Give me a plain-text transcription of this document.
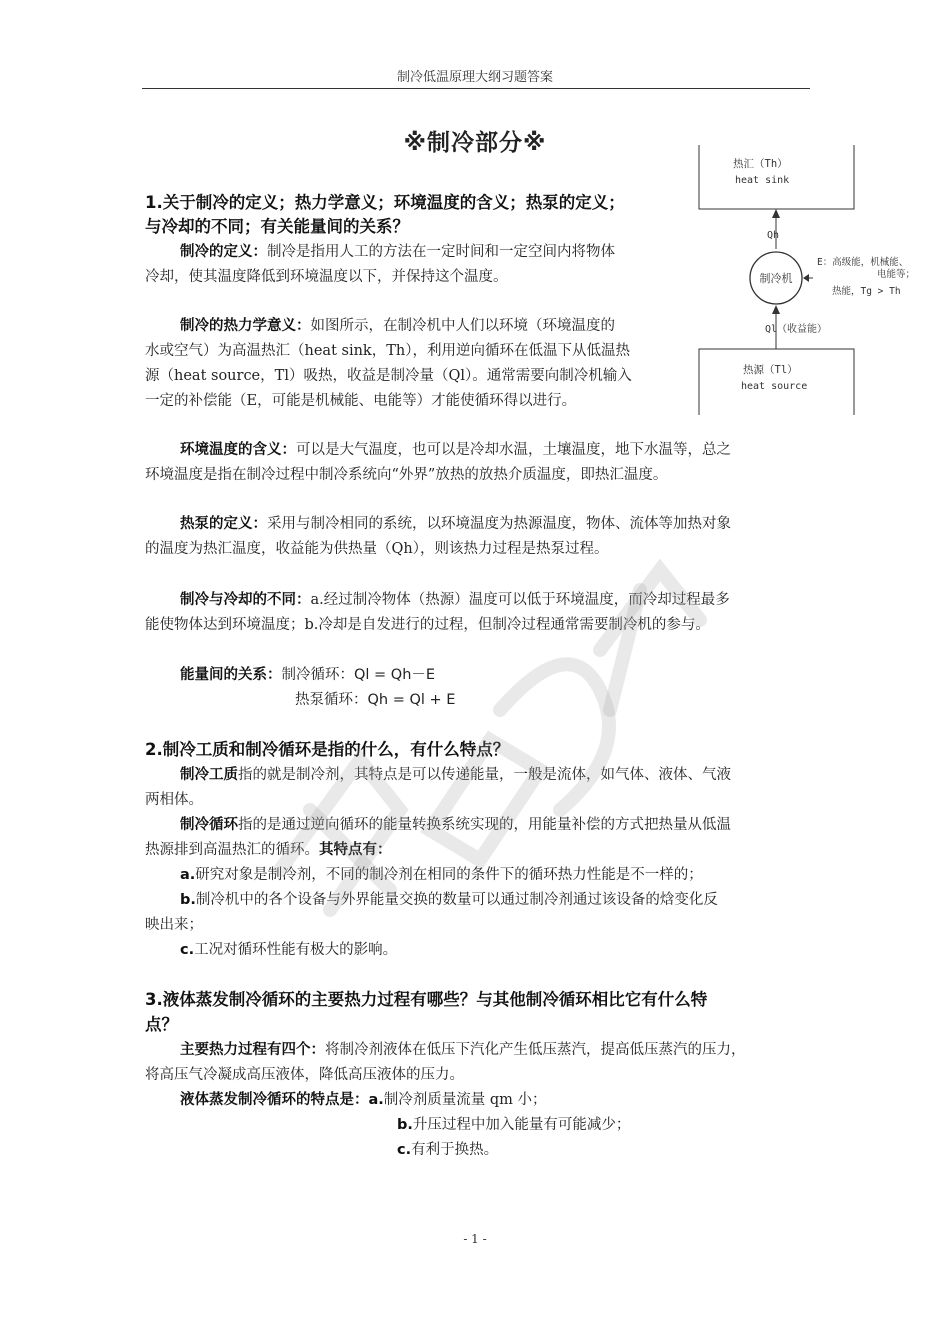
制冷低温原理大纲习题答案
※制冷部分※
热汇（Th）
heat sink
Qh
制冷机
E：高级能，机械能、
电能等；
热能，Tg > Th
Ql（收益能）
热源（Tl）
heat source
1.关于制冷的定义；热力学意义；环境温度的含义；热泵的定义；
与冷却的不同；有关能量间的关系？
制冷的定义：制冷是指用人工的方法在一定时间和一定空间内将物体
冷却，使其温度降低到环境温度以下，并保持这个温度。
制冷的热力学意义：如图所示，在制冷机中人们以环境（环境温度的
水或空气）为高温热汇（heat sink，Th），利用逆向循环在低温下从低温热
源（heat source，Tl）吸热，收益是制冷量（Ql）。通常需要向制冷机输入
一定的补偿能（E，可能是机械能、电能等）才能使循环得以进行。
环境温度的含义：可以是大气温度，也可以是冷却水温，土壤温度，地下水温等，总之
环境温度是指在制冷过程中制冷系统向“外界”放热的放热介质温度，即热汇温度。
热泵的定义：采用与制冷相同的系统，以环境温度为热源温度，物体、流体等加热对象
的温度为热汇温度，收益能为供热量（Qh），则该热力过程是热泵过程。
制冷与冷却的不同：a.经过制冷物体（热源）温度可以低于环境温度，而冷却过程最多
能使物体达到环境温度；b.冷却是自发进行的过程，但制冷过程通常需要制冷机的参与。
能量间的关系：制冷循环：Ql = Qh－E
热泵循环：Qh = Ql + E
2.制冷工质和制冷循环是指的什么，有什么特点？
制冷工质指的就是制冷剂，其特点是可以传递能量，一般是流体，如气体、液体、气液
两相体。
制冷循环指的是通过逆向循环的能量转换系统实现的，用能量补偿的方式把热量从低温
热源排到高温热汇的循环。其特点有：
a.研究对象是制冷剂，不同的制冷剂在相同的条件下的循环热力性能是不一样的；
b.制冷机中的各个设备与外界能量交换的数量可以通过制冷剂通过该设备的焓变化反
映出来；
c.工况对循环性能有极大的影响。
3.液体蒸发制冷循环的主要热力过程有哪些？与其他制冷循环相比它有什么特
点？
主要热力过程有四个：将制冷剂液体在低压下汽化产生低压蒸汽，提高低压蒸汽的压力，
将高压气冷凝成高压液体，降低高压液体的压力。
液体蒸发制冷循环的特点是：a.制冷剂质量流量 qm 小；
b.升压过程中加入能量有可能减少；
c.有利于换热。
- 1 -
